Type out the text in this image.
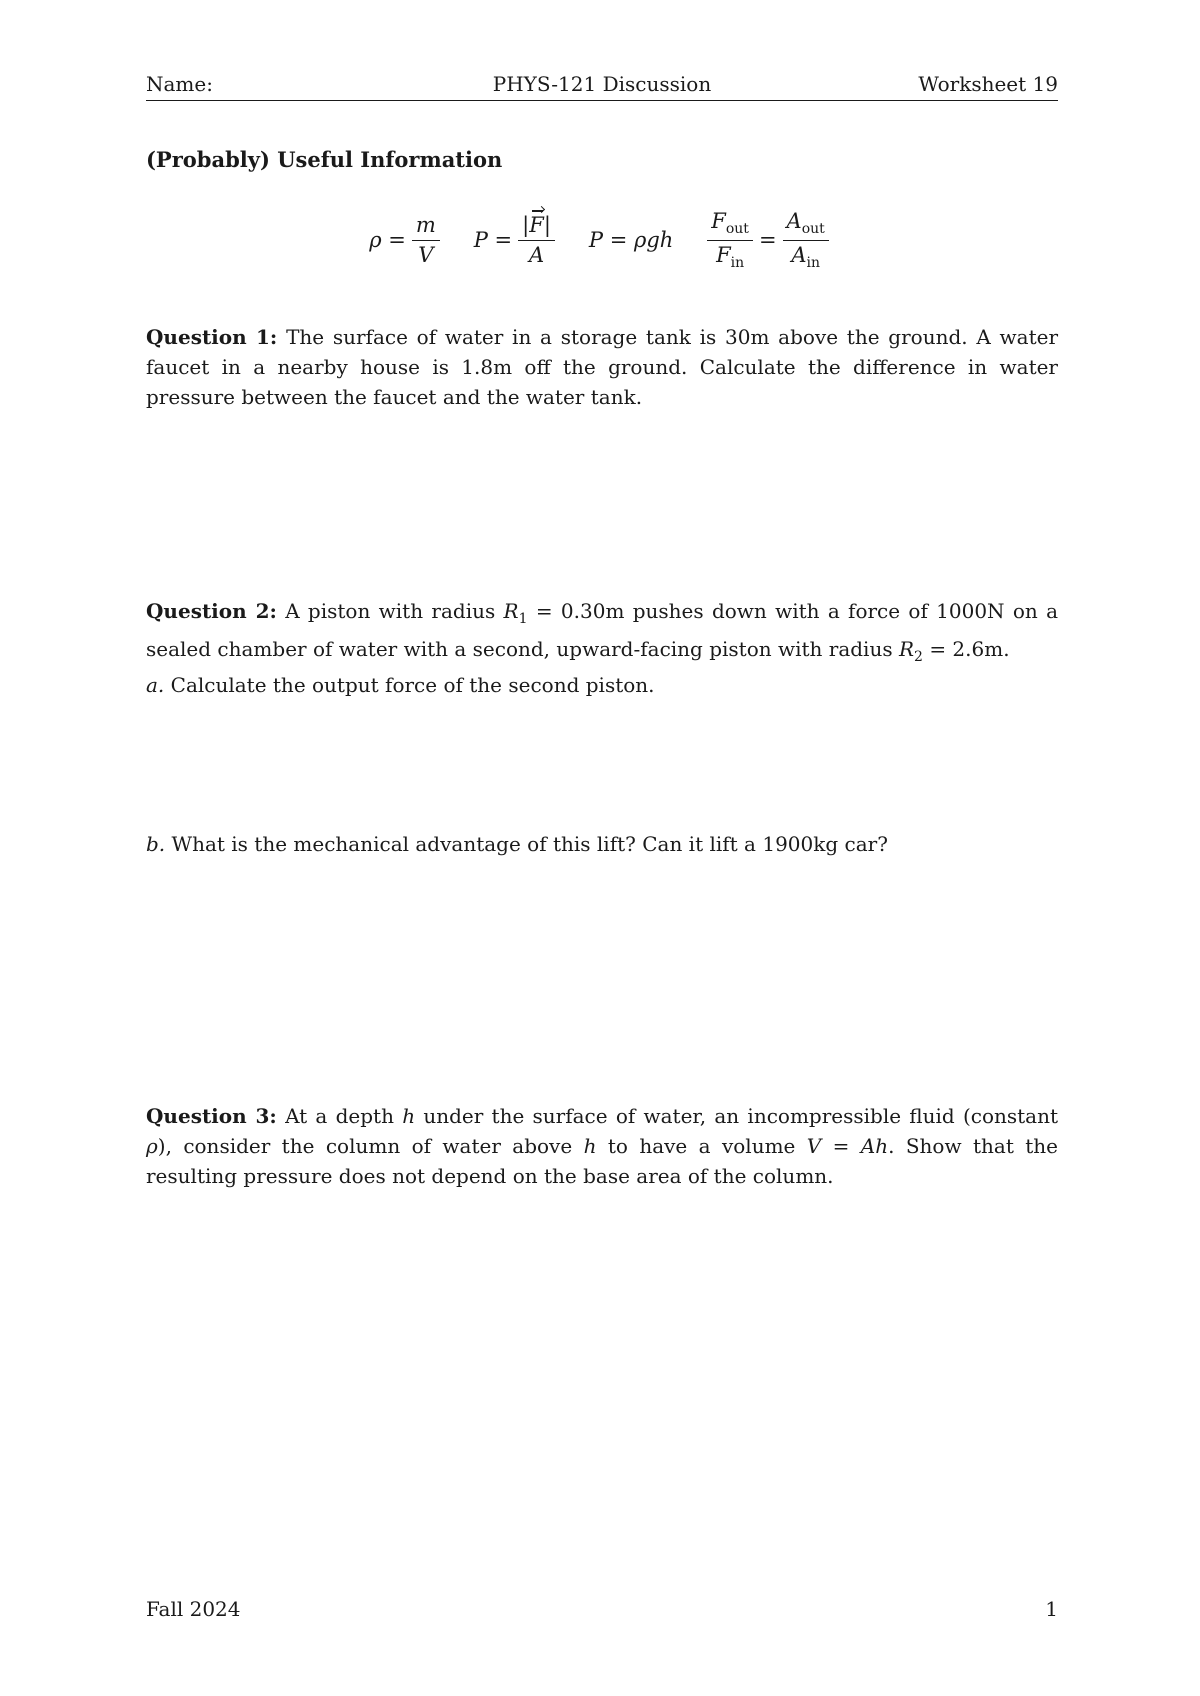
Name:	PHYS-121 Discussion	Worksheet 19
(Probably) Useful Information
$\rho = \frac{m}{V}$ $P = \frac{|F|}{A}$ P = ρgh $\frac{F_{out}}{F_{in}} = \frac{A_{out}}{A_{in}}$
Question 1: The surface of water in a storage tank is 30m above the ground. A water faucet in a nearby house is 1.8m off the ground. Calculate the difference in water pressure between the faucet and the water tank.
Question 2: A piston with radius $R_1 = 0.30m$ pushes down with a force of 1000N on a sealed chamber of water with a second, upward-facing piston with radius $R_2 = 2.6m$.
a. Calculate the output force of the second piston.
b. What is the mechanical advantage of this lift? Can it lift a 1900kg car?
Question 3: At a depth h under the surface of water, an incompressible fluid (constant ρ), consider the column of water above h to have a volume V = Ah. Show that the resulting pressure does not depend on the base area of the column.
Fall 2024	1
